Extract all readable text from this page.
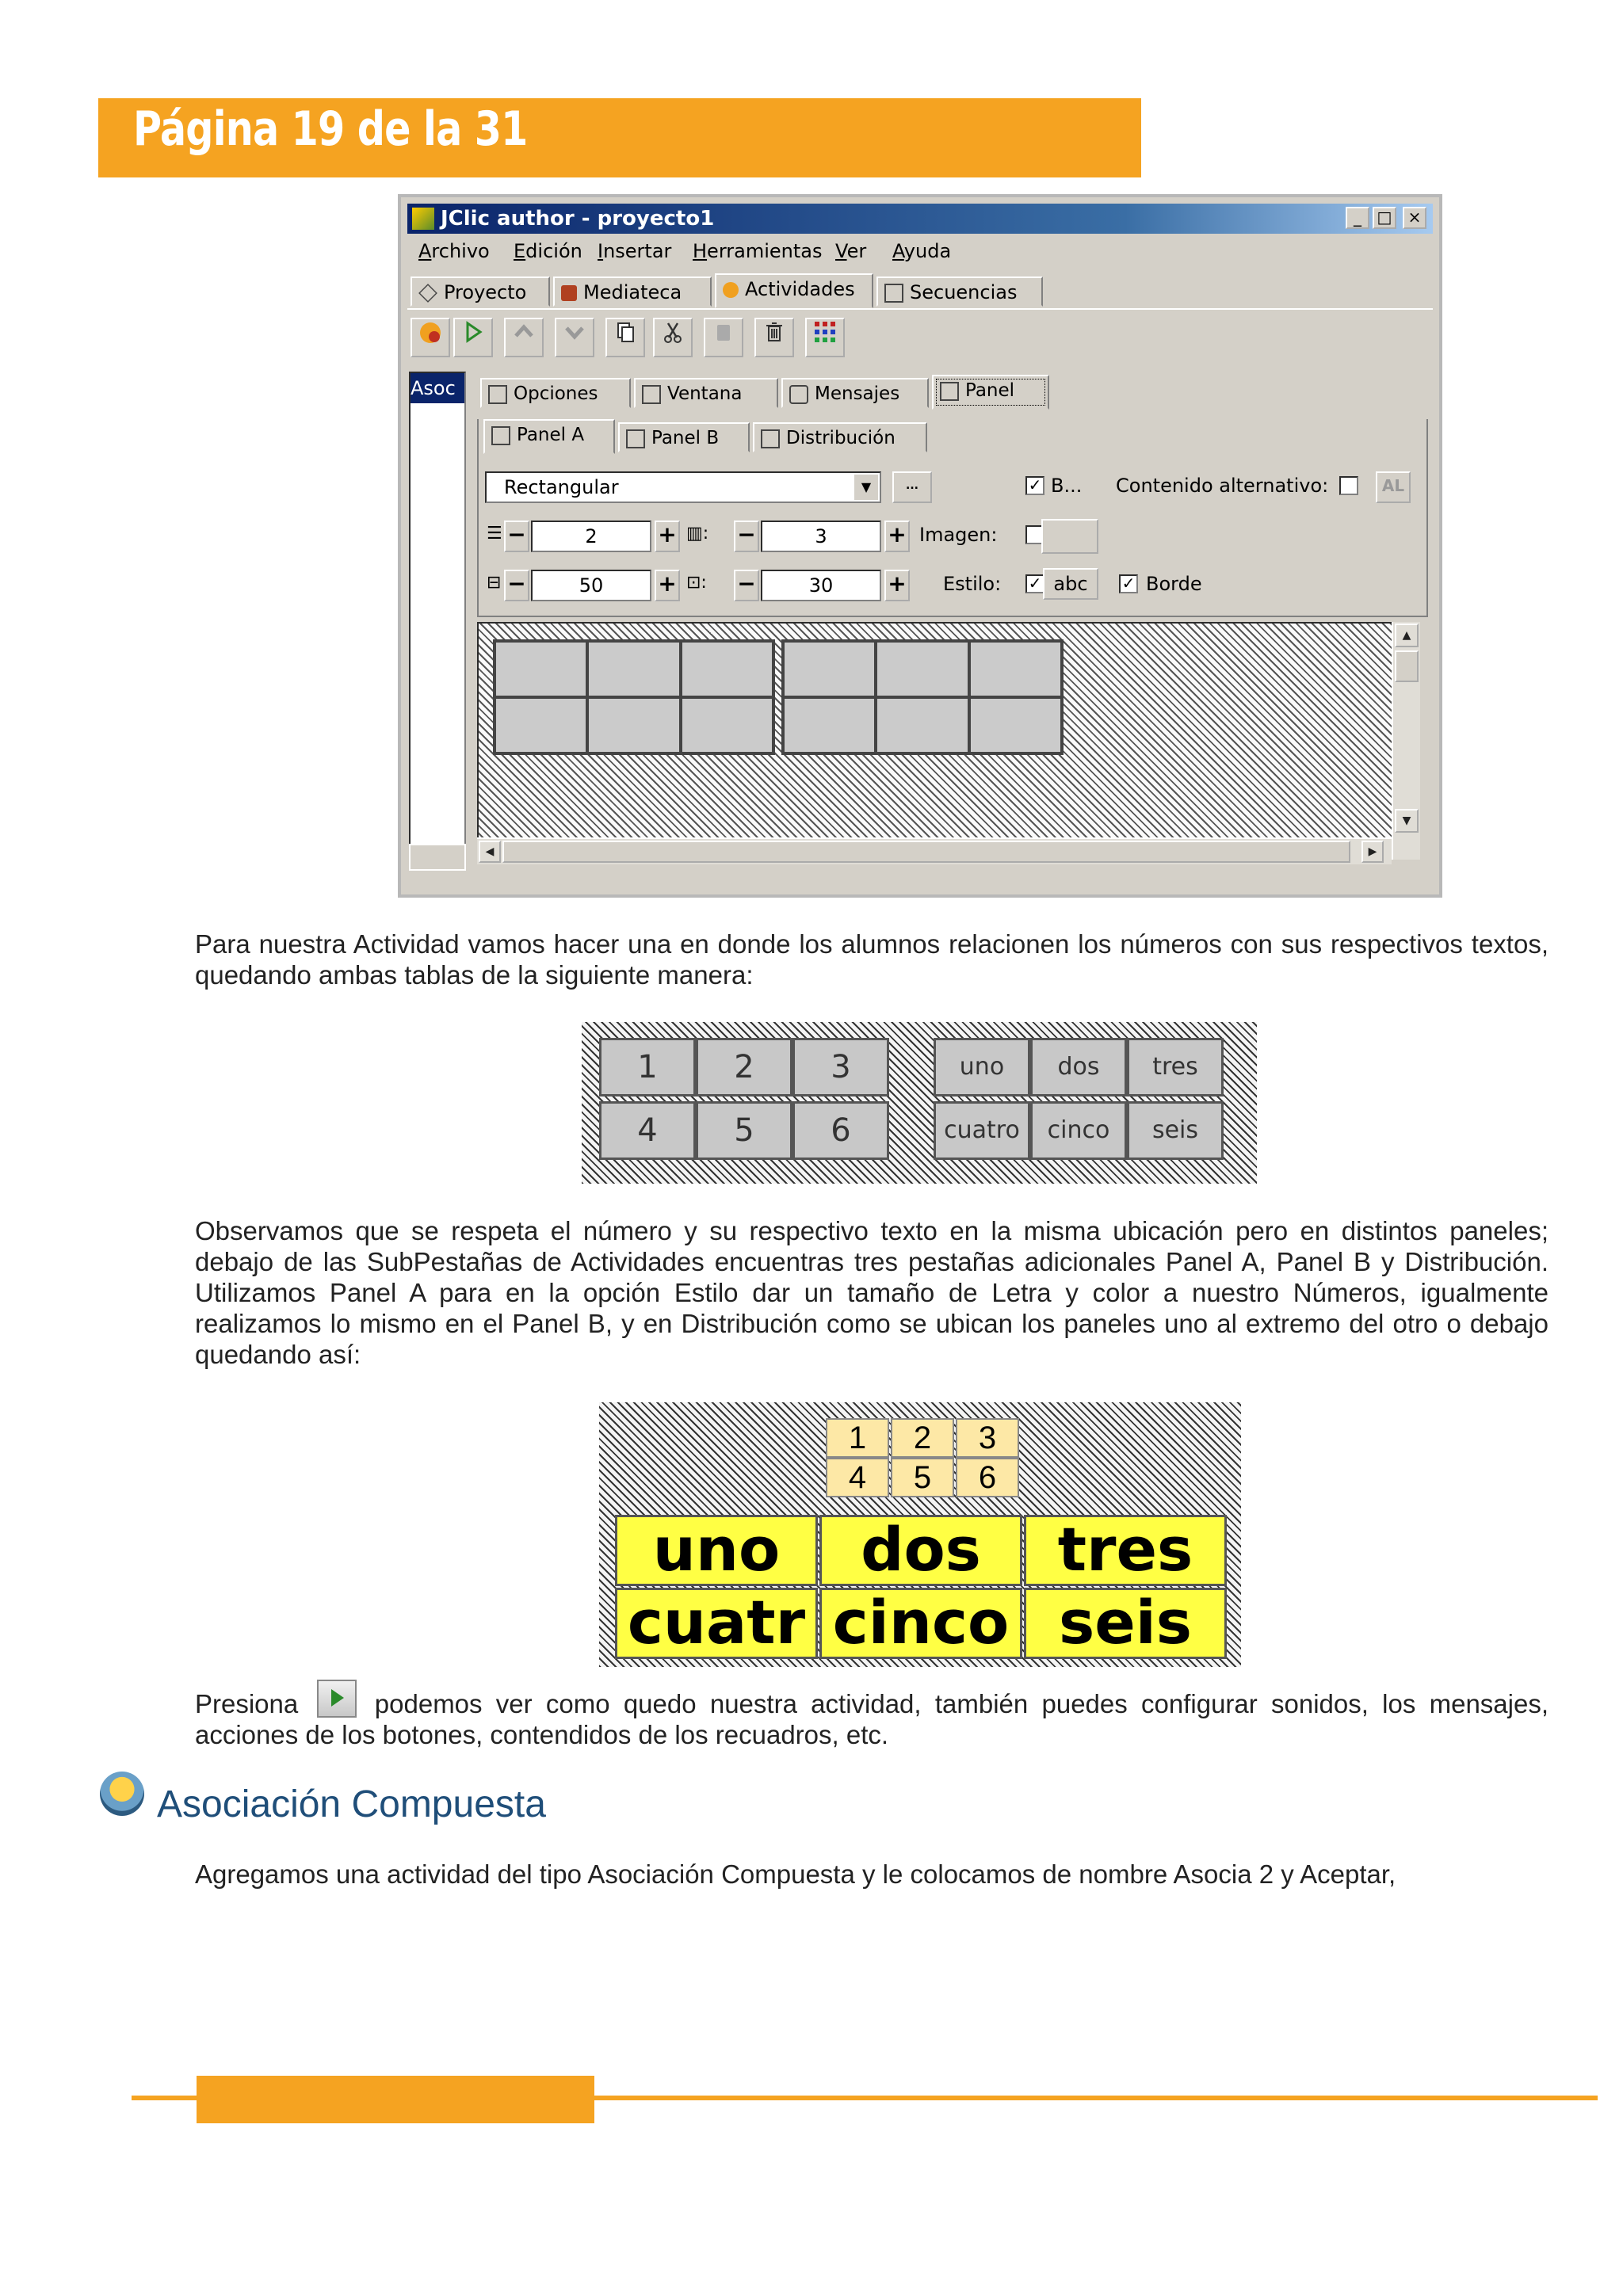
Página 19 de la 31
JClic author - proyecto1	_ □	×
Archivo Edición Insertar Herramientas Ver Ayuda
Proyecto	Mediateca	Actividades	Secuencias
Asoc	Opciones	Ventana	Mensajes	Panel
Panel A	Panel B	Distribución
Rectangular	▼	...	✓ B... Contenido alternativo:	AL
☰ −	2	+ ▥: −	3	+ Imagen:
⊟ −	50	+ ⊡: −	30	+ Estilo: ✓ abc	✓ Borde
▲
▼
◀	▶
Para nuestra Actividad vamos hacer una en donde los alumnos relacionen los números con sus respectivos textos, quedando ambas tablas de la siguiente manera:
1	2	3
4	5	6
uno	dos	tres
cuatro	cinco	seis
Observamos que se respeta el número y su respectivo texto en la misma ubicación pero en distintos paneles; debajo de las SubPestañas de Actividades encuentras tres pestañas adicionales Panel A, Panel B y Distribución. Utilizamos Panel A para en la opción Estilo dar un tamaño de Letra y color a nuestro Números, igualmente realizamos lo mismo en el Panel B, y en Distribución como se ubican los paneles uno al extremo del otro o debajo quedando así:
1	2	3
4	5	6
uno	dos	tres
cuatr cinco seis
Presiona	podemos ver como quedo nuestra actividad, también puedes configurar sonidos, los mensajes, acciones de los botones, contendidos de los recuadros, etc.
Asociación Compuesta
Agregamos una actividad del tipo Asociación Compuesta y le colocamos de nombre Asocia 2 y Aceptar,
